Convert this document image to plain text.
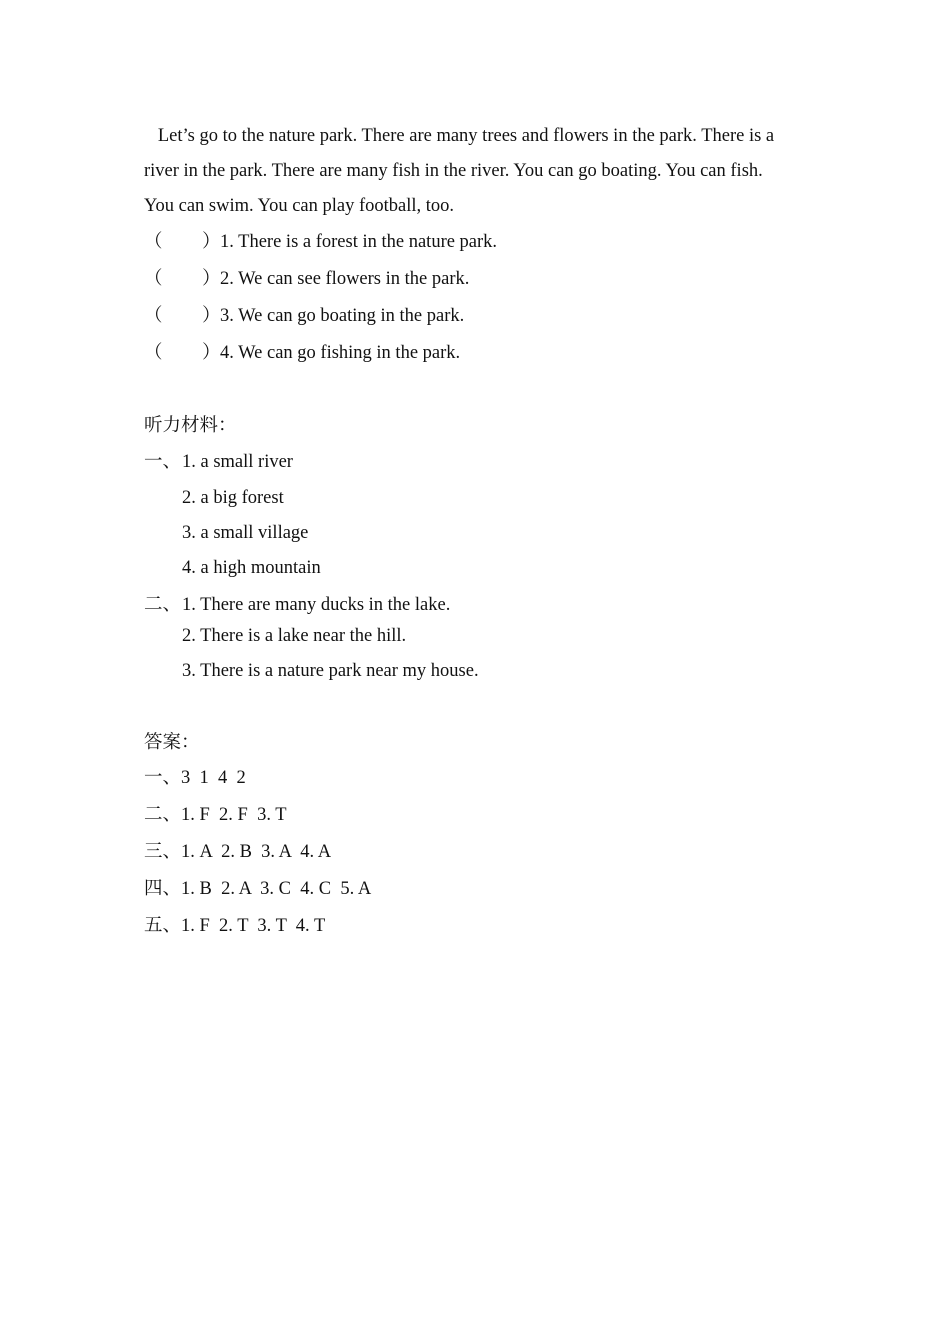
Let’s go to the nature park. There are many trees and flowers in the park. There is a
river in the park. There are many fish in the river. You can go boating. You can fish.
You can swim. You can play football, too.
（ ）1. There is a forest in the nature park.
（ ）2. We can see flowers in the park.
（ ）3. We can go boating in the park.
（ ）4. We can go fishing in the park.
听力材料：
一、 1. a small river
2. a big forest
3. a small village
4. a high mountain
二、 1. There are many ducks in the lake.
2. There is a lake near the hill.
3. There is a nature park near my house.
答案：
一、3  1  4  2
二、1. F  2. F  3. T
三、1. A  2. B  3. A  4. A
四、1. B  2. A  3. C  4. C  5. A
五、1. F  2. T  3. T  4. T
